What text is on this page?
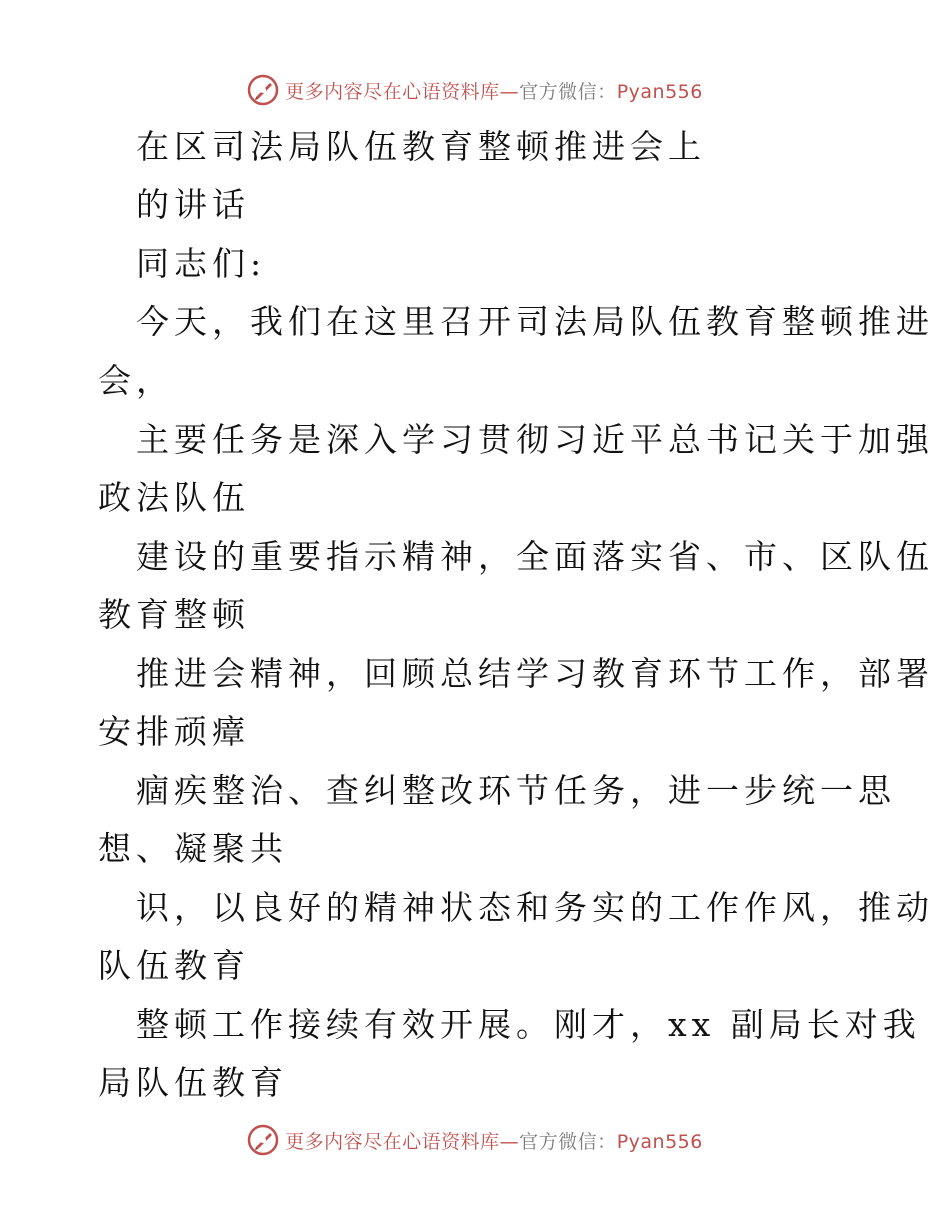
更多内容尽在心语资料库—官方微信：Pyan556
在区司法局队伍教育整顿推进会上
的讲话
同志们:
今天，我们在这里召开司法局队伍教育整顿推进
会，
主要任务是深入学习贯彻习近平总书记关于加强
政法队伍
建设的重要指示精神，全面落实省、市、区队伍
教育整顿
推进会精神，回顾总结学习教育环节工作，部署
安排顽瘴
痼疾整治、查纠整改环节任务，进一步统一思
想、凝聚共
识，以良好的精神状态和务实的工作作风，推动
队伍教育
整顿工作接续有效开展。刚才，xx 副局长对我
局队伍教育
更多内容尽在心语资料库—官方微信：Pyan556
